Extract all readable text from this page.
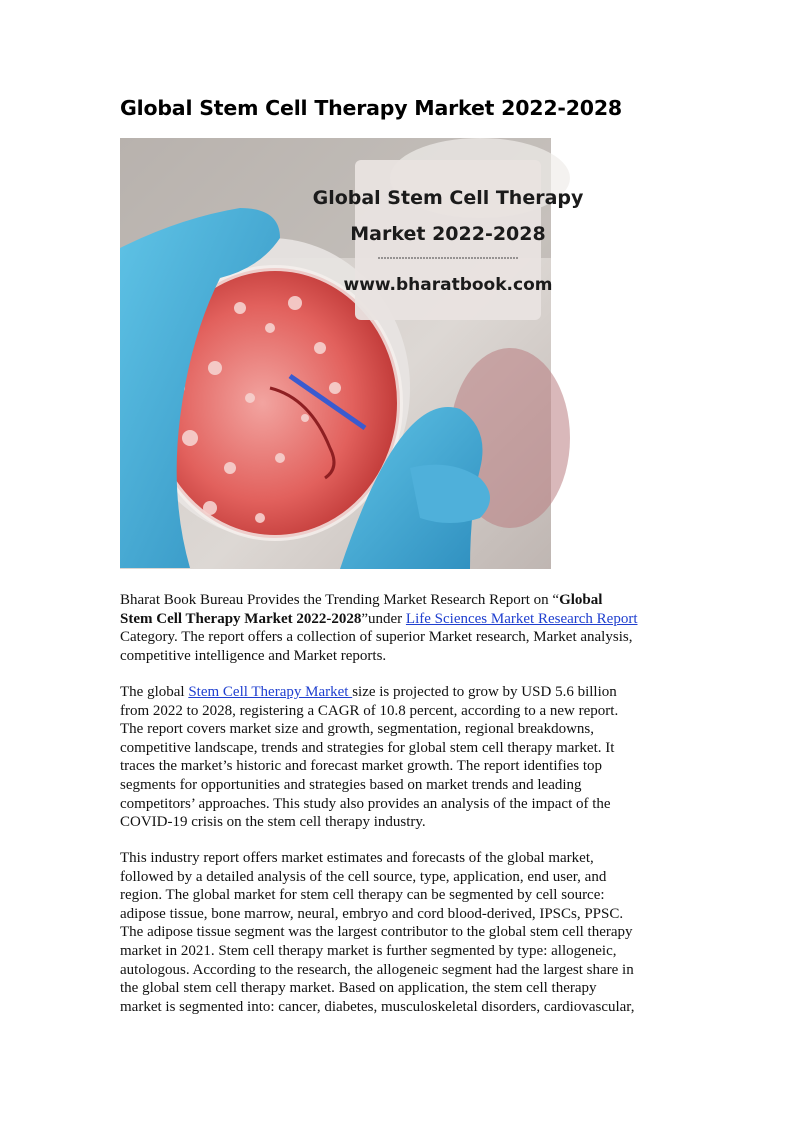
Global Stem Cell Therapy Market 2022-2028
Global Stem Cell Therapy
Market 2022-2028
www.bharatbook.com
Bharat Book Bureau Provides the Trending Market Research Report on “Global
Stem Cell Therapy Market 2022-2028”under Life Sciences Market Research Report
Category. The report offers a collection of superior Market research, Market analysis,
competitive intelligence and Market reports.
The global Stem Cell Therapy Market size is projected to grow by USD 5.6 billion
from 2022 to 2028, registering a CAGR of 10.8 percent, according to a new report.
The report covers market size and growth, segmentation, regional breakdowns,
competitive landscape, trends and strategies for global stem cell therapy market. It
traces the market’s historic and forecast market growth. The report identifies top
segments for opportunities and strategies based on market trends and leading
competitors’ approaches. This study also provides an analysis of the impact of the
COVID-19 crisis on the stem cell therapy industry.
This industry report offers market estimates and forecasts of the global market,
followed by a detailed analysis of the cell source, type, application, end user, and
region. The global market for stem cell therapy can be segmented by cell source:
adipose tissue, bone marrow, neural, embryo and cord blood-derived, IPSCs, PPSC.
The adipose tissue segment was the largest contributor to the global stem cell therapy
market in 2021. Stem cell therapy market is further segmented by type: allogeneic,
autologous. According to the research, the allogeneic segment had the largest share in
the global stem cell therapy market. Based on application, the stem cell therapy
market is segmented into: cancer, diabetes, musculoskeletal disorders, cardiovascular,
